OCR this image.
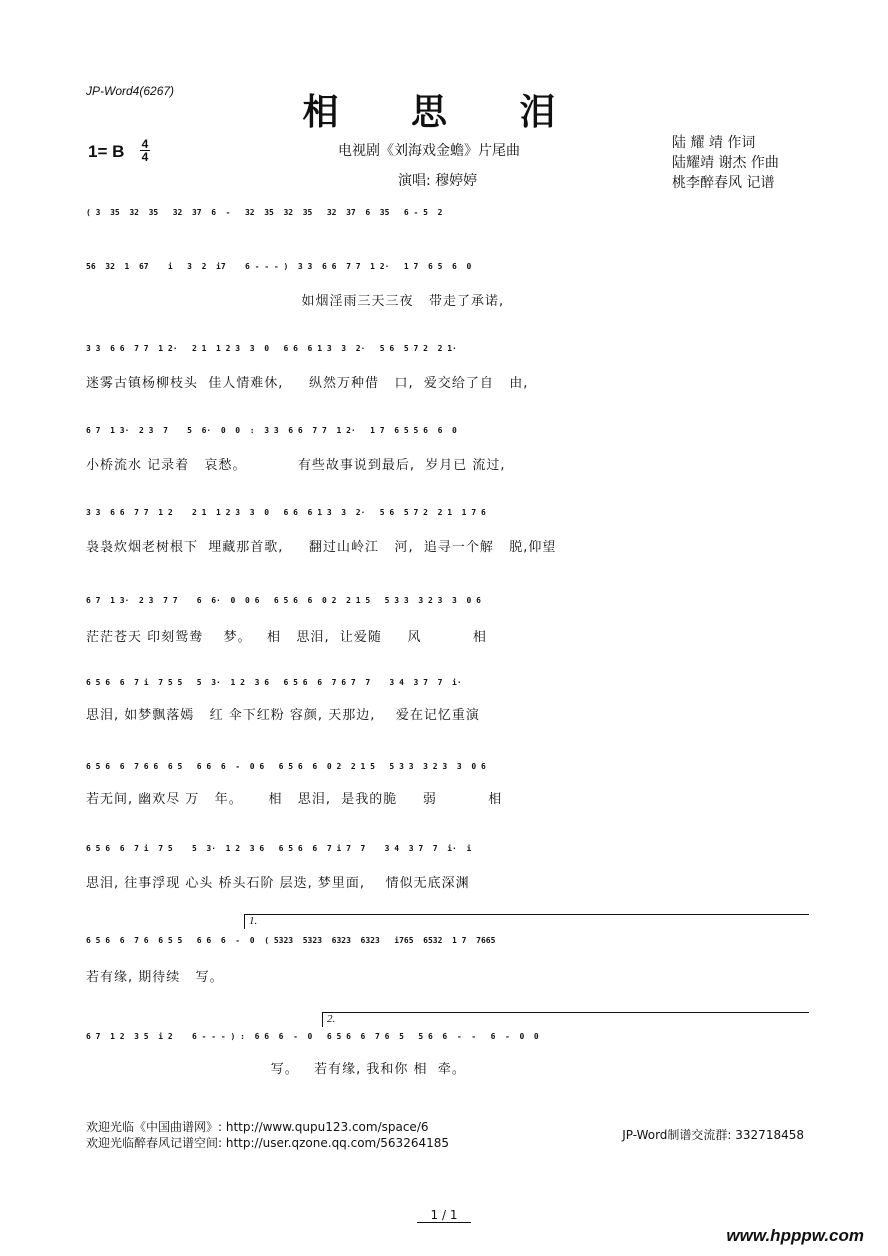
JP-Word4(6267)	相 思 泪
1= B 4
4	电视剧《刘海戏金蟾》片尾曲
演唱: 穆婷婷
陆 耀 靖 作词
陆耀靖 谢杰 作曲
桃李醉春风 记谱

( 3  35  32  35   32  37  6  -   32  35  32  35   32  37  6  35   6 - 5  2

56  32  1  67    i   3  2  i7    6 - - - )  3 3  6 6  7 7  1 2·   1 7  6 5  6  0

如烟淫雨三天三夜   带走了承诺,

3 3  6 6  7 7  1 2·   2 1  1 2 3  3  0   6 6  6 1 3  3  2·   5 6  5 7 2  2 1·

迷雾古镇杨柳枝头  佳人情难休,     纵然万种借   口,  爱交给了自   由,

6 7  1 3·  2 3  7    5  6·  0  0  :  3 3  6 6  7 7  1 2·   1 7  6 5 5 6  6  0

小桥流水 记录着   哀愁。          有些故事说到最后,  岁月已 流过,

3 3  6 6  7 7  1 2    2 1  1 2 3  3  0   6 6  6 1 3  3  2·   5 6  5 7 2  2 1  1 7 6

袅袅炊烟老树根下  埋藏那首歌,     翻过山岭江   河,  追寻一个解   脱,仰望

6 7  1 3·  2 3  7 7    6  6·  0  0 6   6 5 6  6  0 2  2 1 5   5 3 3  3 2 3  3  0 6

茫茫苍天 印刻鸳鸯    梦。   相   思泪,  让爱随     风          相

6 5 6  6  7 i  7 5 5   5  3·  1 2  3 6   6 5 6  6  7 6 7  7    3 4  3 7  7  i·

思泪, 如梦飘落嫣   红 伞下红粉 容颜, 天那边,    爱在记忆重演

6 5 6  6  7 6 6  6 5   6 6  6  -  0 6   6 5 6  6  0 2  2 1 5   5 3 3  3 2 3  3  0 6

若无间, 幽欢尽 万   年。     相   思泪,  是我的脆     弱          相

6 5 6  6  7 i  7 5    5  3·  1 2  3 6   6 5 6  6  7 i 7  7    3 4  3 7  7  i·  i

思泪, 往事浮现 心头 桥头石阶 层迭, 梦里面,    情似无底深渊
1.

6 5 6  6  7 6  6 5 5   6 6  6  -  0  ( 5323  5323  6323  6323   i765  6532  1 7  7665

若有缘, 期待续   写。
2.

6 7  1 2  3 5  i 2    6 - - - ) :  6 6  6  -  0   6 5 6  6  7 6  5   5 6  6  -  -   6  -  0  0

写。   若有缘, 我和你 相  牵。
欢迎光临《中国曲谱网》: http://www.qupu123.com/space/6
欢迎光临醉春风记谱空间: http://user.qzone.qq.com/563264185
JP-Word制谱交流群: 332718458
1 / 1
www.hpppw.com
